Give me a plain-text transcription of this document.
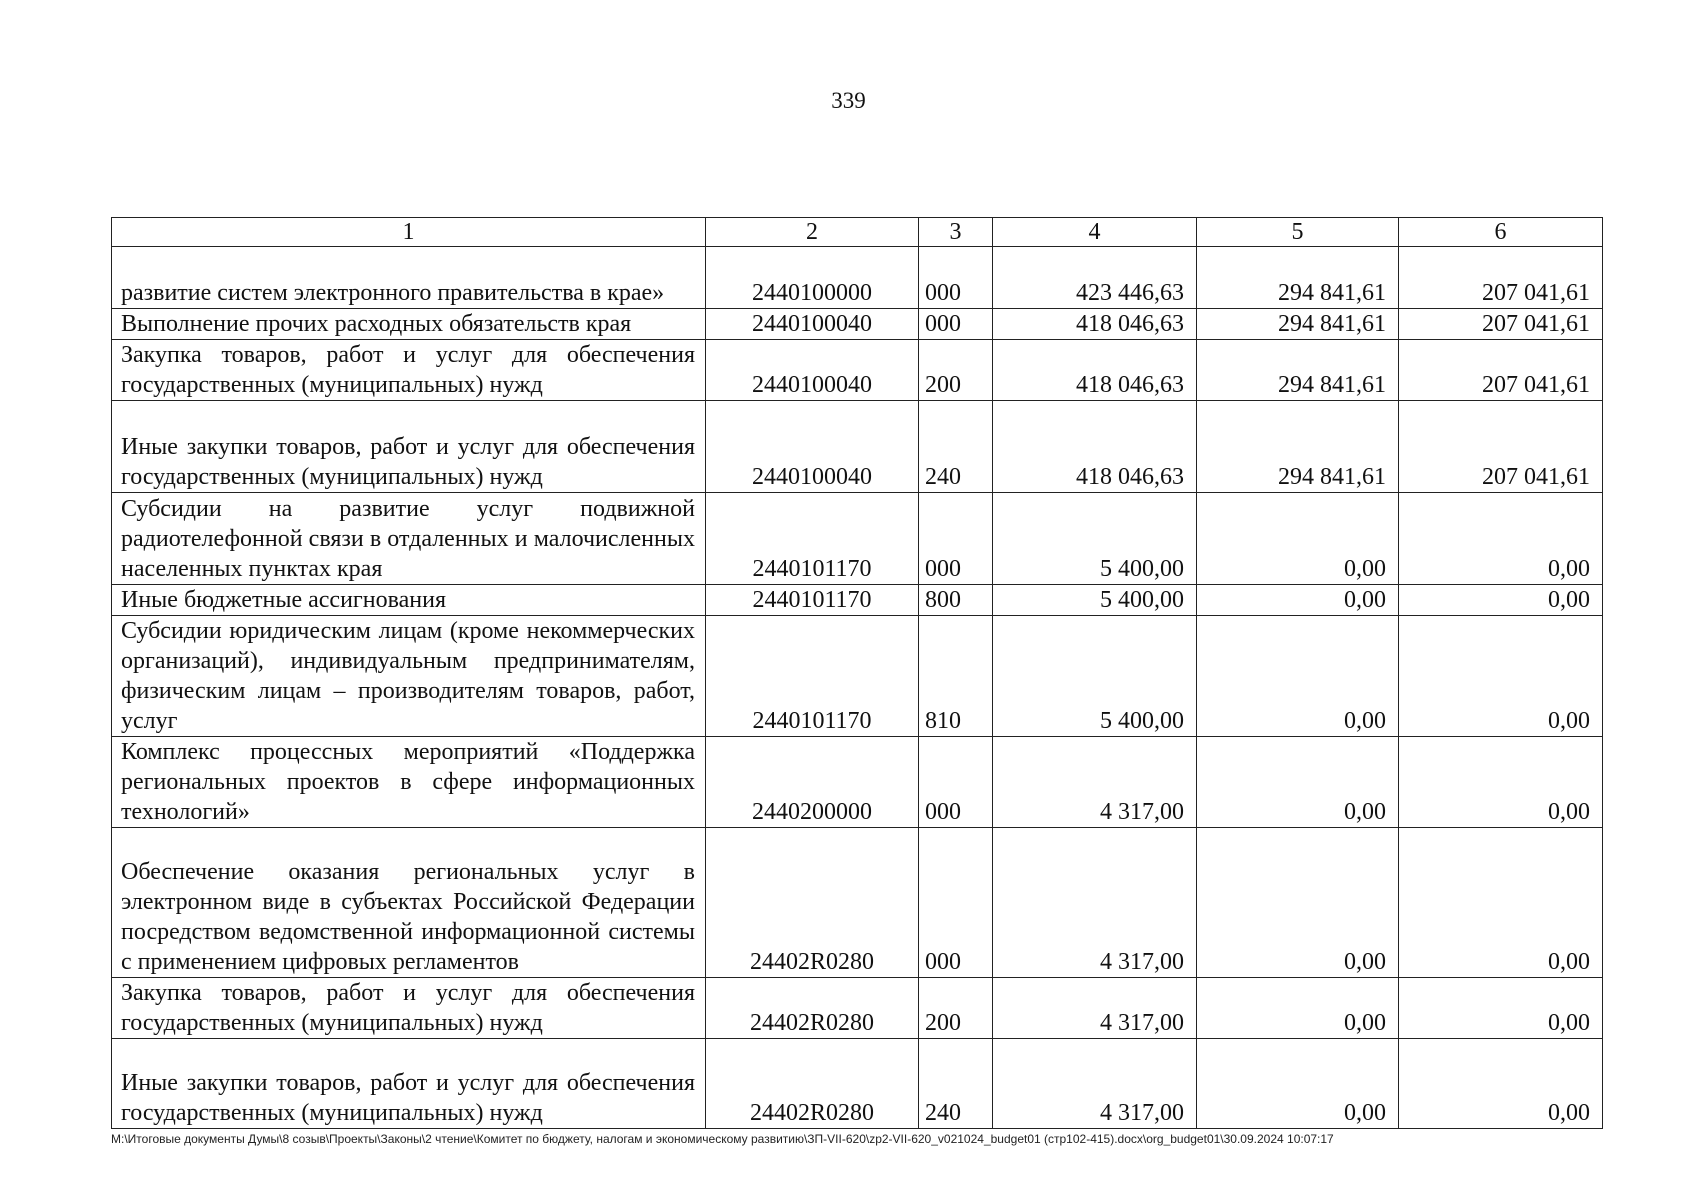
339
1	2	3	4	5	6
развитие систем электронного правительства в крае»	2440100000	000	423 446,63	294 841,61	207 041,61
Выполнение прочих расходных обязательств края	2440100040	000	418 046,63	294 841,61	207 041,61
Закупка товаров, работ и услуг для обеспечения государственных (муниципальных) нужд	2440100040	200	418 046,63	294 841,61	207 041,61
Иные закупки товаров, работ и услуг для обеспечения государственных (муниципальных) нужд	2440100040	240	418 046,63	294 841,61	207 041,61
Субсидии на развитие услуг подвижной радиотелефонной связи в отдаленных и малочисленных населенных пунктах края	2440101170	000	5 400,00	0,00	0,00
Иные бюджетные ассигнования	2440101170	800	5 400,00	0,00	0,00
Субсидии юридическим лицам (кроме некоммерческих организаций), индивидуальным предпринимателям, физическим лицам – производителям товаров, работ, услуг	2440101170	810	5 400,00	0,00	0,00
Комплекс процессных мероприятий «Поддержка региональных проектов в сфере информационных технологий»	2440200000	000	4 317,00	0,00	0,00
Обеспечение оказания региональных услуг в электронном виде в субъектах Российской Федерации посредством ведомственной информационной системы с применением цифровых регламентов	24402R0280	000	4 317,00	0,00	0,00
Закупка товаров, работ и услуг для обеспечения государственных (муниципальных) нужд	24402R0280	200	4 317,00	0,00	0,00
Иные закупки товаров, работ и услуг для обеспечения государственных (муниципальных) нужд	24402R0280	240	4 317,00	0,00	0,00
M:\Итоговые документы Думы\8 созыв\Проекты\Законы\2 чтение\Комитет по бюджету, налогам и экономическому развитию\ЗП-VII-620\zp2-VII-620_v021024_budget01 (стр102-415).docx\org_budget01\30.09.2024 10:07:17
